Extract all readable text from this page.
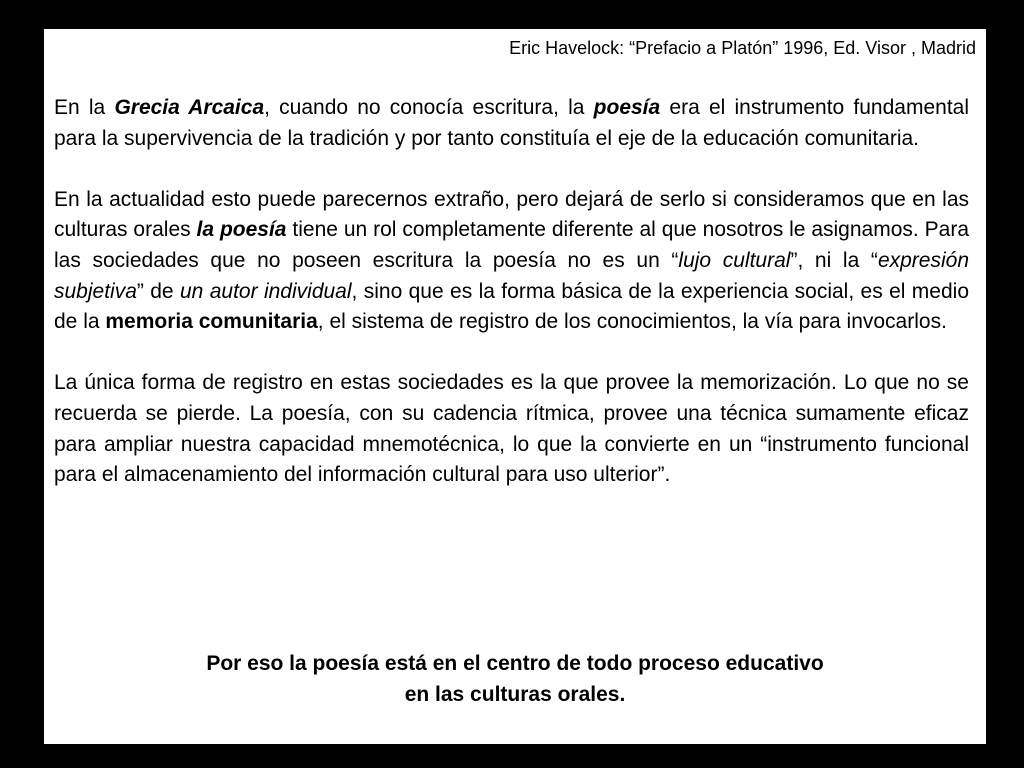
Eric Havelock: “Prefacio a Platón” 1996, Ed. Visor , Madrid

En la Grecia Arcaica, cuando no conocía escritura, la poesía era el instrumento fundamental para la supervivencia de la tradición y por tanto constituía el eje de la educación comunitaria.

En la actualidad esto puede parecernos extraño, pero dejará de serlo si consideramos que en las culturas orales la poesía tiene un rol completamente diferente al que nosotros le asignamos. Para las sociedades que no poseen escritura la poesía no es un “lujo cultural”, ni la “expresión subjetiva” de un autor individual, sino que es la forma básica de la experiencia social, es el medio de la memoria comunitaria, el sistema de registro de los conocimientos, la vía para invocarlos.

La única forma de registro en estas sociedades es la que provee la memorización. Lo que no se recuerda se pierde. La poesía, con su cadencia rítmica, provee una técnica sumamente eficaz para ampliar nuestra capacidad mnemotécnica, lo que la convierte en un “instrumento funcional para el almacenamiento del información cultural para uso ulterior”.

Por eso la poesía está en el centro de todo proceso educativo
en las culturas orales.
